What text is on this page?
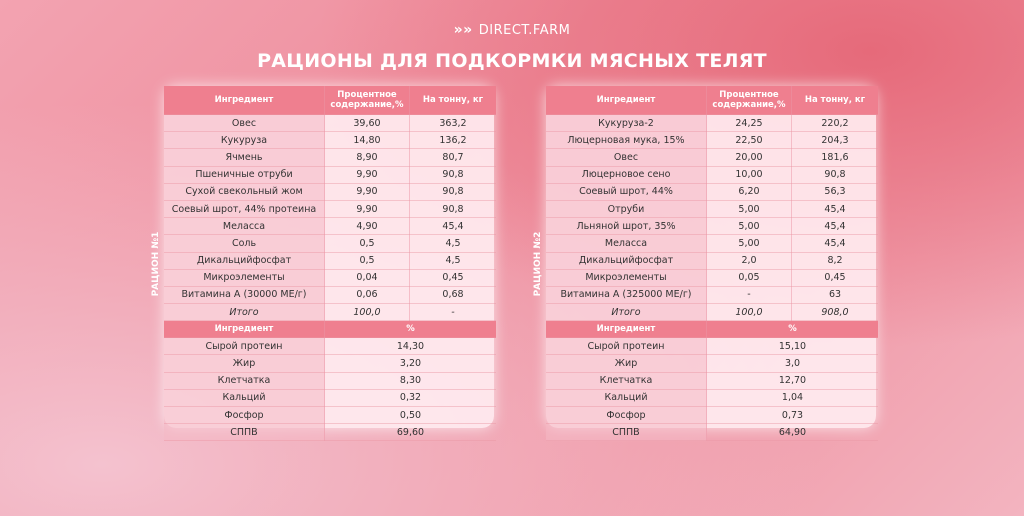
»» DIRECT.FARM
РАЦИОНЫ ДЛЯ ПОДКОРМКИ МЯСНЫХ ТЕЛЯТ
РАЦИОН №1
Ингредиент	Процентное содержание,%	На тонну, кг
Овес	39,60	363,2
Кукуруза	14,80	136,2
Ячмень	8,90	80,7
Пшеничные отруби	9,90	90,8
Сухой свекольный жом	9,90	90,8
Соевый шрот, 44% протеина	9,90	90,8
Меласса	4,90	45,4
Соль	0,5	4,5
Дикальцийфосфат	0,5	4,5
Микроэлементы	0,04	0,45
Витамина А (30000 МЕ/г)	0,06	0,68
Итого	100,0	-
Ингредиент	%	
Сырой протеин	14,30	
Жир	3,20	
Клетчатка	8,30	
Кальций	0,32	
Фосфор	0,50	
СППВ	69,60	
РАЦИОН №2
Ингредиент	Процентное содержание,%	На тонну, кг
Кукуруза-2	24,25	220,2
Люцерновая мука, 15%	22,50	204,3
Овес	20,00	181,6
Люцерновое сено	10,00	90,8
Соевый шрот, 44%	6,20	56,3
Отруби	5,00	45,4
Льняной шрот, 35%	5,00	45,4
Меласса	5,00	45,4
Дикальцийфосфат	2,0	8,2
Микроэлементы	0,05	0,45
Витамина А (325000 МЕ/г)	-	63
Итого	100,0	908,0
Ингредиент	%	
Сырой протеин	15,10	
Жир	3,0	
Клетчатка	12,70	
Кальций	1,04	
Фосфор	0,73	
СППВ	64,90	
